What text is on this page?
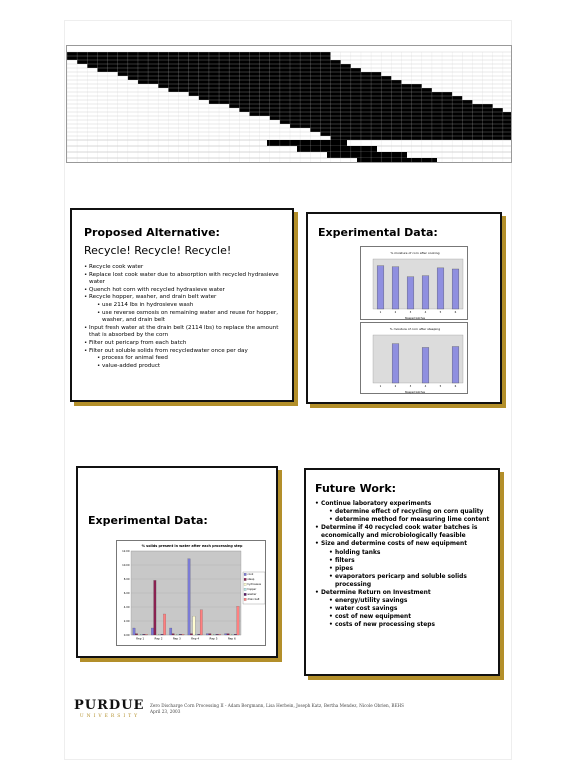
Proposed Alternative:
Recycle! Recycle! Recycle!
• Recycle cook water
• Replace lost cook water due to absorption with recycled hydrasieve water
• Quench hot corn with recycled hydrasieve water
• Recycle hopper, washer, and drain belt water
• use 2114 lbs in hydrosieve wash
• use reverse osmosis on remaining water and reuse for hopper, washer, and drain belt
• Input fresh water at the drain belt (2114 lbs) to replace the amount that is absorbed by the corn
• Filter out pericarp from each batch
• Filter out soluble solids from recycledwater once per day
• process for animal feed
• value-added product
Experimental Data:
% moisture of corn after cooking
1	2	3	4	5	6
Steeped batches
% moisture of corn after steeping
1	2	3	4	5	6
Steeped batches
Experimental Data:
% solids present in water after each processing step
0.00
2.00
4.00
6.00
8.00
10.00
12.00
Rep 1	Rep 2	Rep 3	Rep 4	Rep 5	Rep 6
cook
steep
hydrosieve
hopper
washer
drain belt
Future Work:
• Continue laboratory experiments
• determine effect of recycling on corn quality
• determine method for measuring lime content
• Determine if 40 recycled cook water batches is economically and microbiologically feasible
• Size and determine costs of new equipment
• holding tanks
• filters
• pipes
• evaporators pericarp and soluble solids processing
• Determine Return on Investment
• energy/utility savings
• water cost savings
• cost of new equipment
• costs of new processing steps
PURDUE
UNIVERSITY
Zero Discharge Corn Processing II - Adam Bergmann, Lisa Herbein, Joseph Katz, Bertha Mendez, Nicole Obrien, BEHS
April 23, 2003
